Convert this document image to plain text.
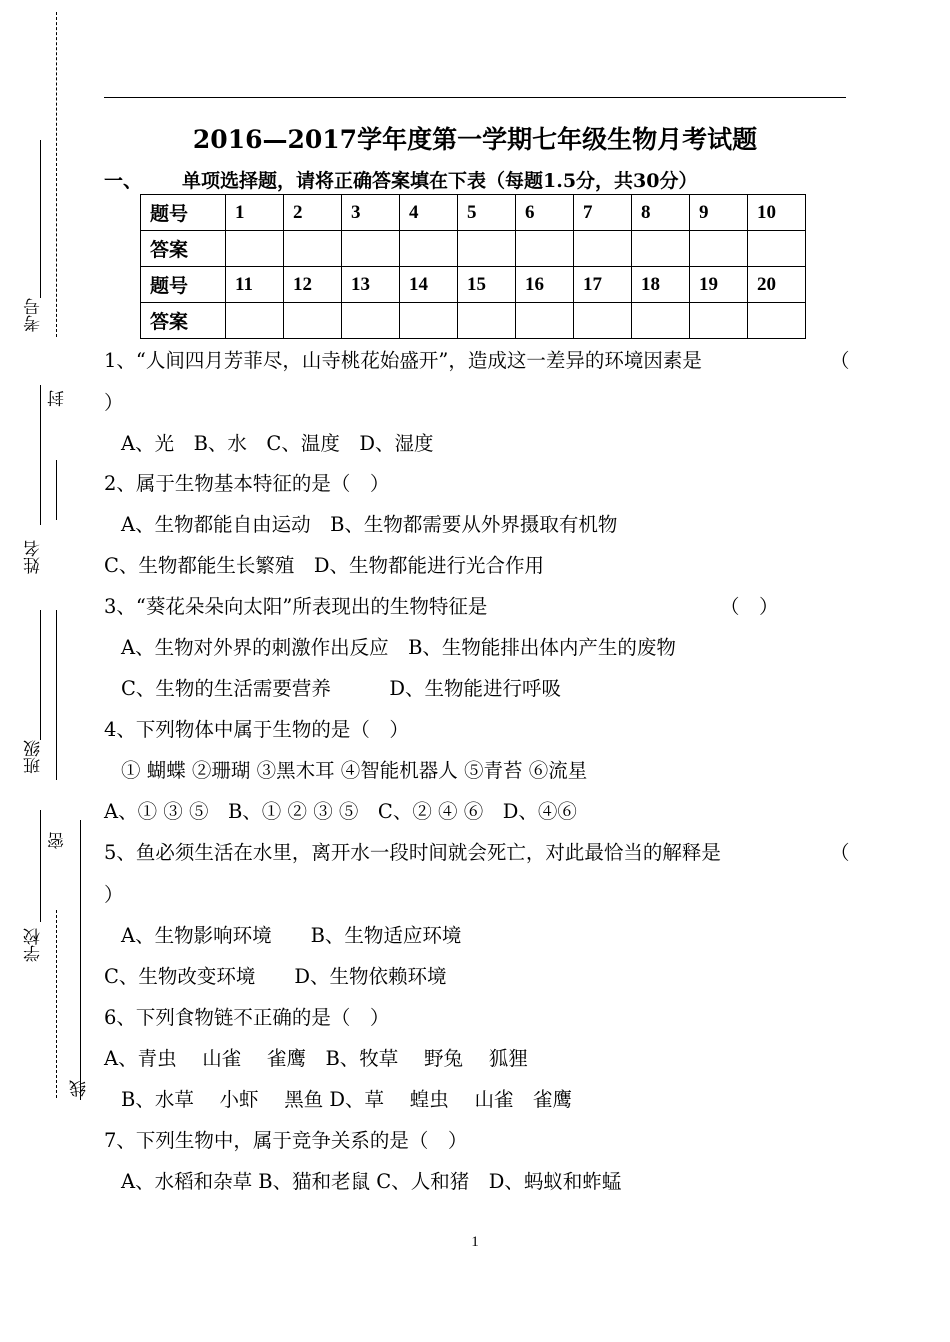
考号
封
姓名
班级
密
学校
线
2016—2017学年度第一学期七年级生物月考试题
一、 单项选择题，请将正确答案填在下表（每题1.5分，共30分）
题号	1	2	3	4	5	6	7	8	9	10
答案										
题号	11	12	13	14	15	16	17	18	19	20
答案										
1、“人间四月芳菲尽，山寺桃花始盛开”，造成这一差异的环境因素是	（
）
A、光　B、水　C、温度　D、湿度
2、属于生物基本特征的是（　）
A、生物都能自由运动　B、生物都需要从外界摄取有机物
C、生物都能生长繁殖　D、生物都能进行光合作用
3、“葵花朵朵向太阳”所表现出的生物特征是	（　）
A、生物对外界的刺激作出反应　B、生物能排出体内产生的废物
C、生物的生活需要营养　　　D、生物能进行呼吸
4、下列物体中属于生物的是（　）
① 蝴蝶 ②珊瑚 ③黑木耳 ④智能机器人 ⑤青苔 ⑥流星
A、① ③ ⑤　B、① ② ③ ⑤　C、② ④ ⑥　D、④⑥
5、鱼必须生活在水里，离开水一段时间就会死亡，对此最恰当的解释是	（
）
A、生物影响环境　　B、生物适应环境
C、生物改变环境　　D、生物依赖环境
6、下列食物链不正确的是（　）
A、青虫　 山雀　 雀鹰　B、牧草　 野兔　 狐狸
B、水草　 小虾　 黑鱼 D、草　 蝗虫　 山雀　雀鹰
7、下列生物中，属于竞争关系的是（　）
A、水稻和杂草 B、猫和老鼠 C、人和猪　D、蚂蚁和蚱蜢
1
